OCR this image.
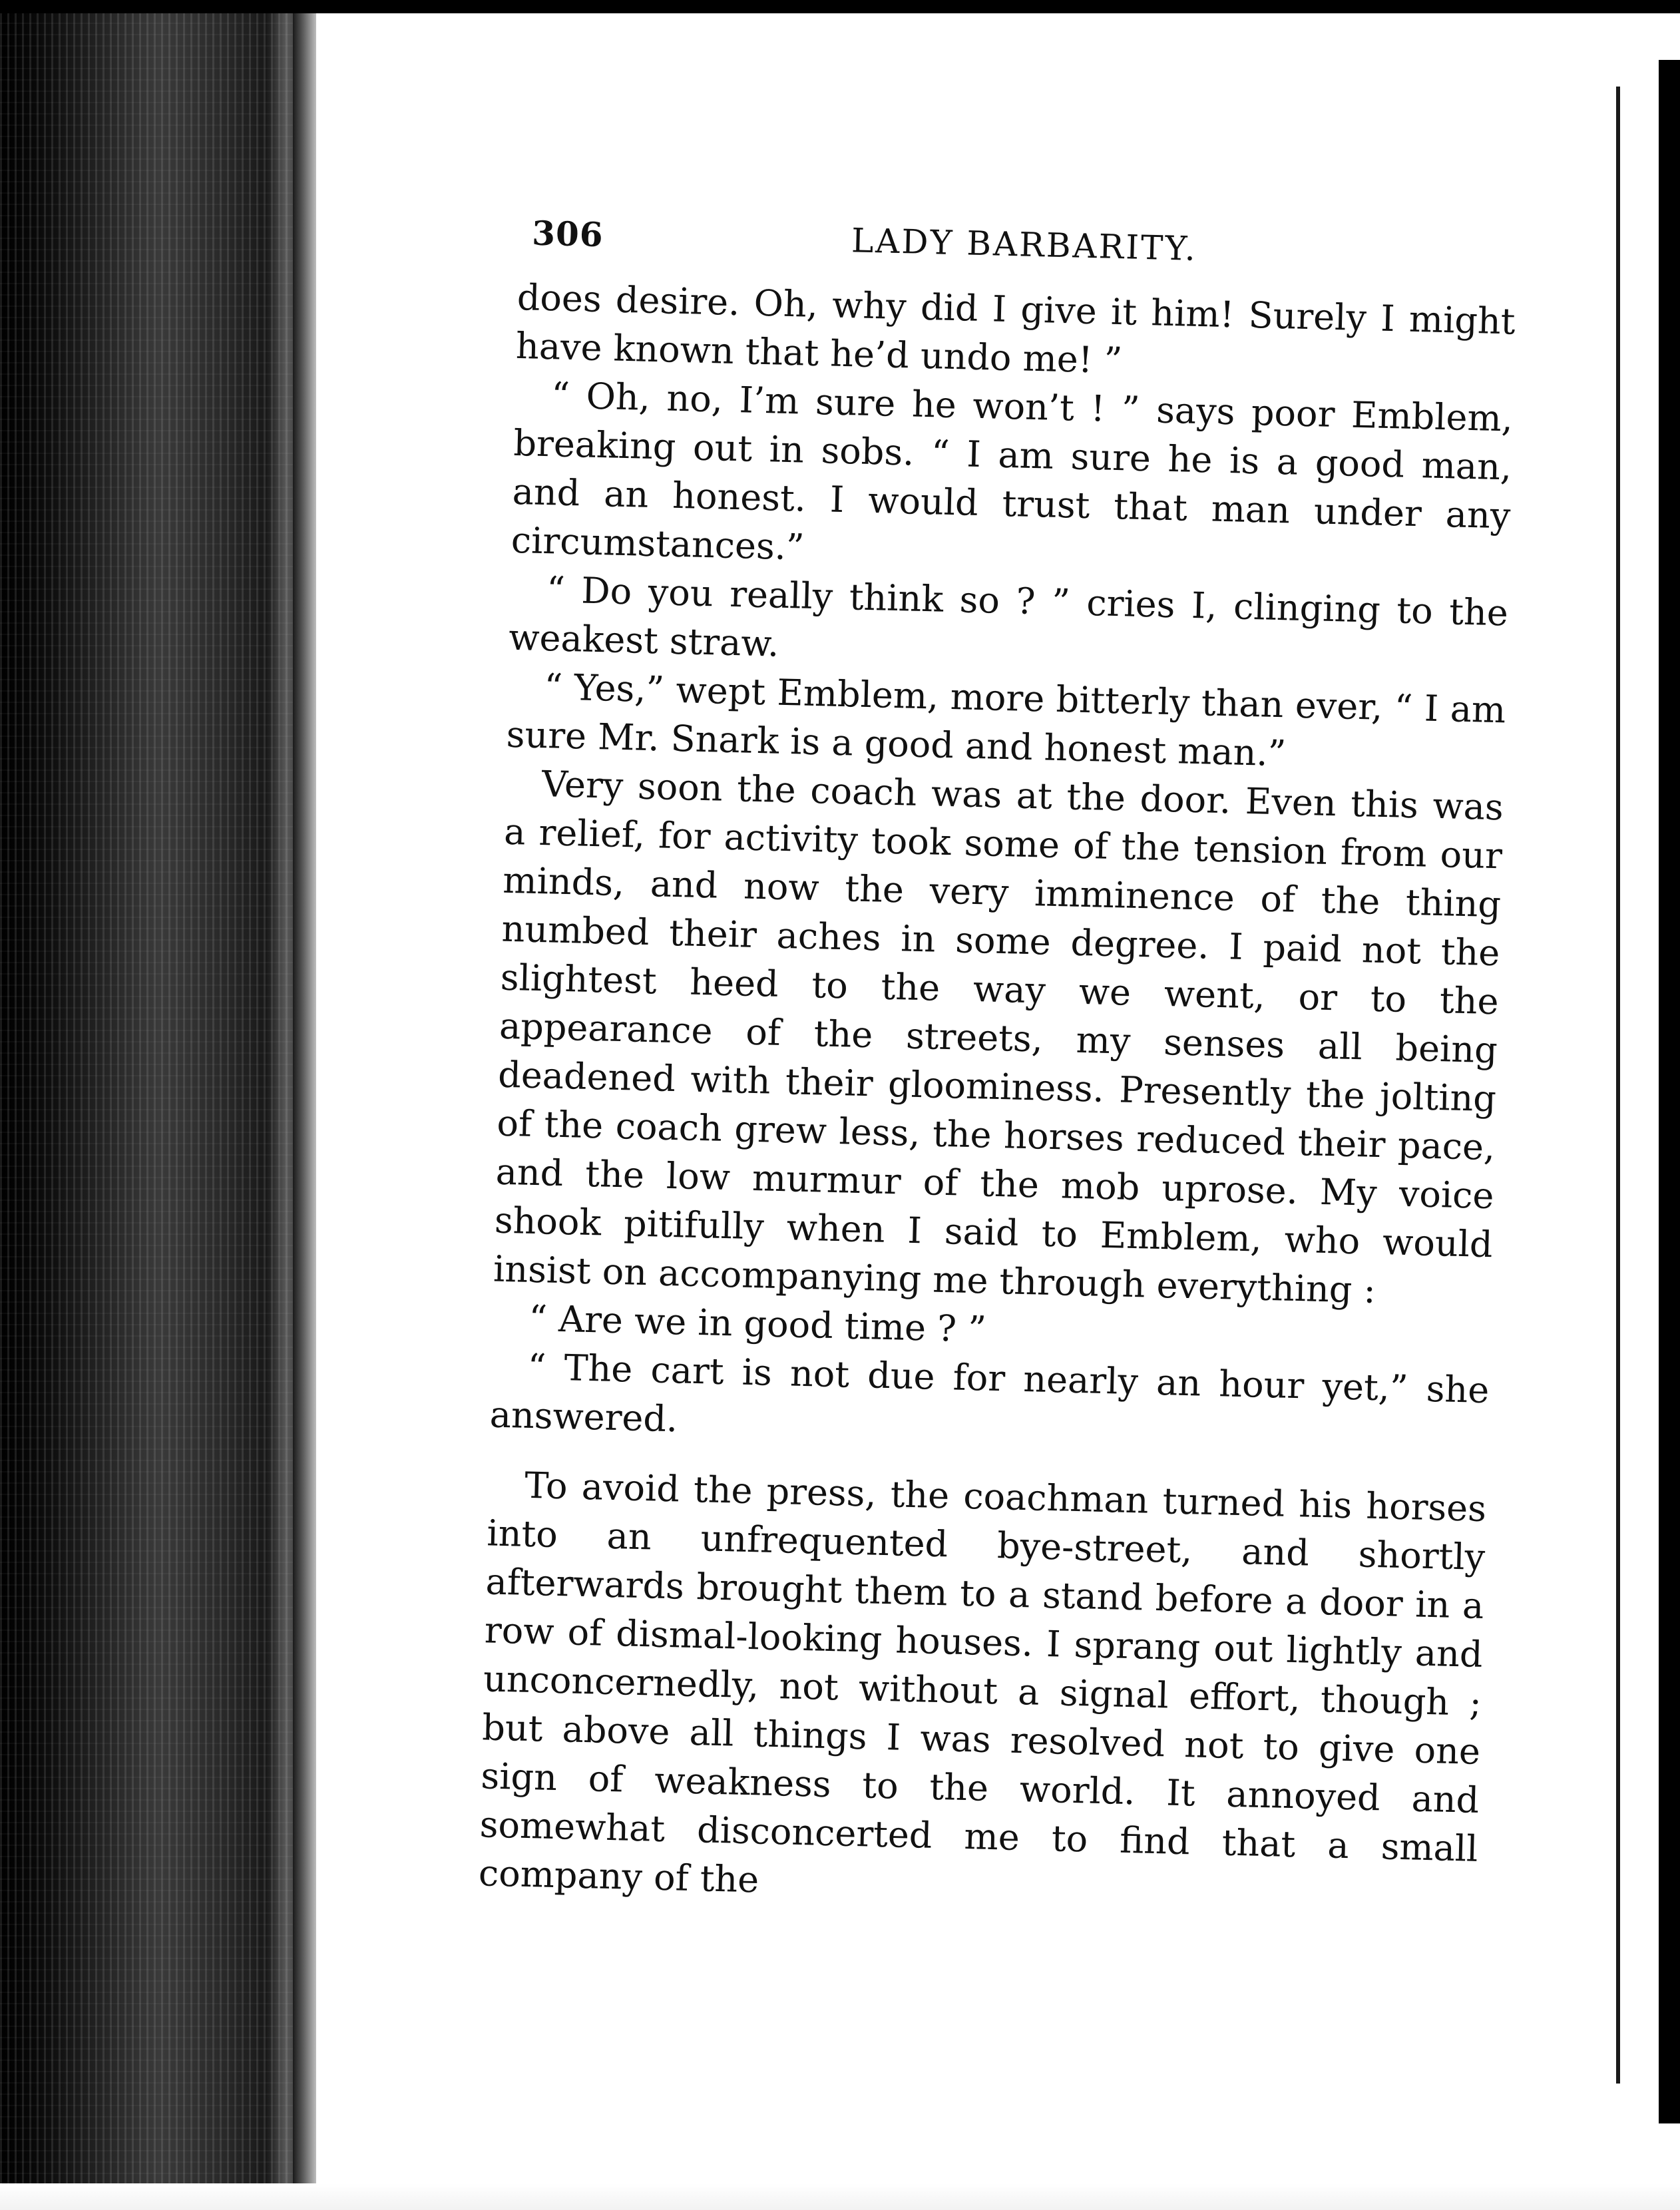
306	LADY BARBARITY.

does desire. Oh, why did I give it him! Surely I might have known that he’d undo me! ”

“ Oh, no, I’m sure he won’t ! ” says poor Emblem, breaking out in sobs. “ I am sure he is a good man, and an honest. I would trust that man under any circumstances.”

“ Do you really think so ? ” cries I, clinging to the weakest straw.

“ Yes,” wept Emblem, more bitterly than ever, “ I am sure Mr. Snark is a good and honest man.”

Very soon the coach was at the door. Even this was a relief, for activity took some of the tension from our minds, and now the very imminence of the thing numbed their aches in some degree. I paid not the slightest heed to the way we went, or to the appearance of the streets, my senses all being deadened with their gloominess. Presently the jolting of the coach grew less, the horses reduced their pace, and the low murmur of the mob uprose. My voice shook pitifully when I said to Emblem, who would insist on accompanying me through everything :

“ Are we in good time ? ”

“ The cart is not due for nearly an hour yet,” she answered.

To avoid the press, the coachman turned his horses into an unfrequented bye-street, and shortly afterwards brought them to a stand before a door in a row of dismal-looking houses. I sprang out lightly and unconcernedly, not without a signal effort, though ; but above all things I was resolved not to give one sign of weakness to the world. It annoyed and somewhat disconcerted me to find that a small company of the
